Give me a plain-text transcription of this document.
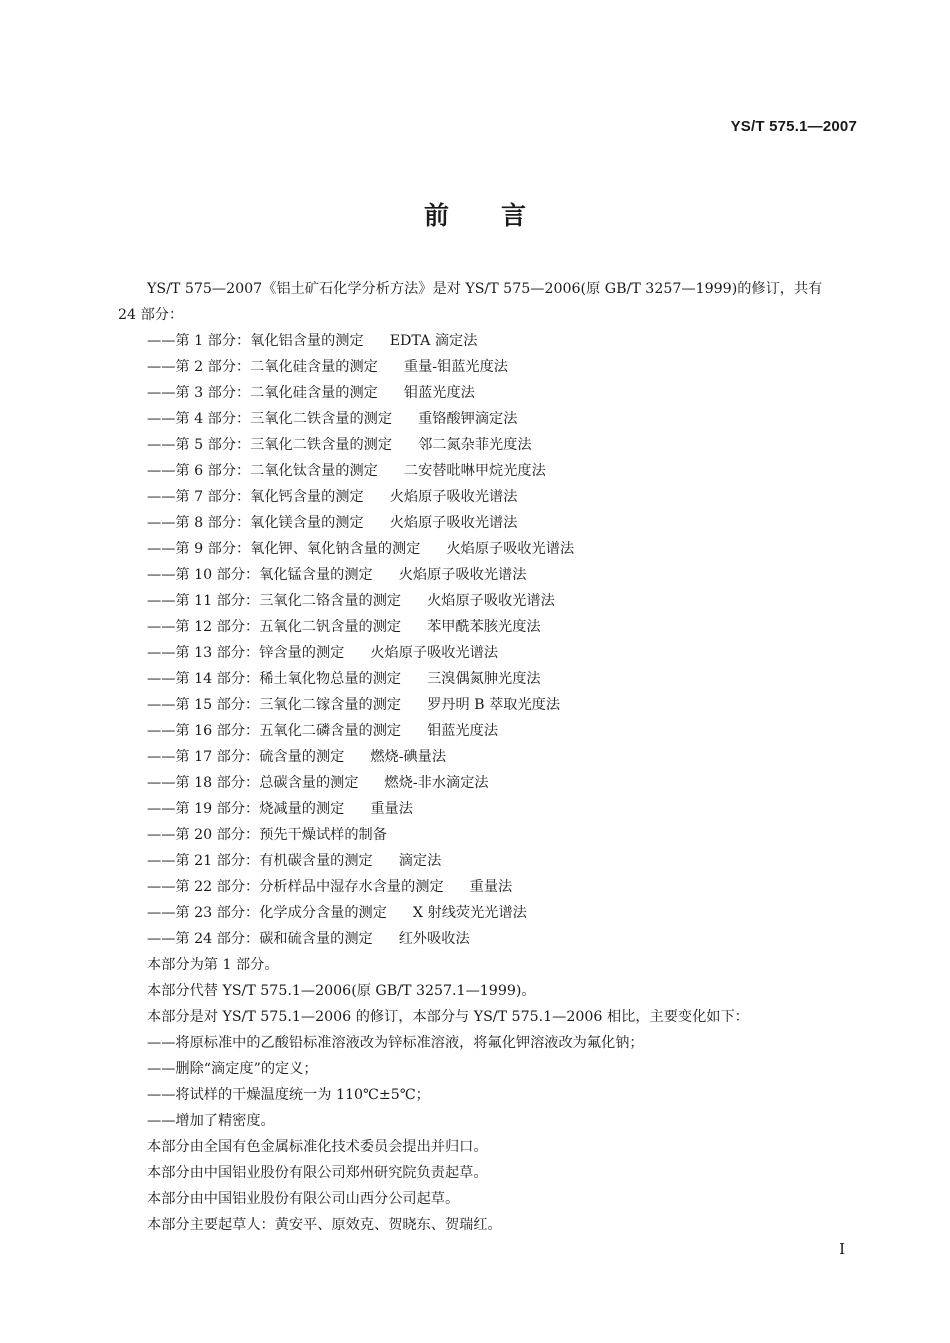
YS/T 575.1—2007
前言
YS/T 575—2007《铝土矿石化学分析方法》是对 YS/T 575—2006(原 GB/T 3257—1999)的修订，共有 24 部分：
——第 1 部分：氧化铝含量的测定 EDTA 滴定法
——第 2 部分：二氧化硅含量的测定 重量-钼蓝光度法
——第 3 部分：二氧化硅含量的测定 钼蓝光度法
——第 4 部分：三氧化二铁含量的测定 重铬酸钾滴定法
——第 5 部分：三氧化二铁含量的测定 邻二氮杂菲光度法
——第 6 部分：二氧化钛含量的测定 二安替吡啉甲烷光度法
——第 7 部分：氧化钙含量的测定 火焰原子吸收光谱法
——第 8 部分：氧化镁含量的测定 火焰原子吸收光谱法
——第 9 部分：氧化钾、氧化钠含量的测定 火焰原子吸收光谱法
——第 10 部分：氧化锰含量的测定 火焰原子吸收光谱法
——第 11 部分：三氧化二铬含量的测定 火焰原子吸收光谱法
——第 12 部分：五氧化二钒含量的测定 苯甲酰苯胲光度法
——第 13 部分：锌含量的测定 火焰原子吸收光谱法
——第 14 部分：稀土氧化物总量的测定 三溴偶氮胂光度法
——第 15 部分：三氧化二镓含量的测定 罗丹明 B 萃取光度法
——第 16 部分：五氧化二磷含量的测定 钼蓝光度法
——第 17 部分：硫含量的测定 燃烧-碘量法
——第 18 部分：总碳含量的测定 燃烧-非水滴定法
——第 19 部分：烧减量的测定 重量法
——第 20 部分：预先干燥试样的制备
——第 21 部分：有机碳含量的测定 滴定法
——第 22 部分：分析样品中湿存水含量的测定 重量法
——第 23 部分：化学成分含量的测定 X 射线荧光光谱法
——第 24 部分：碳和硫含量的测定 红外吸收法
本部分为第 1 部分。
本部分代替 YS/T 575.1—2006(原 GB/T 3257.1—1999)。
本部分是对 YS/T 575.1—2006 的修订，本部分与 YS/T 575.1—2006 相比，主要变化如下：
——将原标准中的乙酸铅标准溶液改为锌标准溶液，将氟化钾溶液改为氟化钠；
——删除“滴定度”的定义；
——将试样的干燥温度统一为 110℃±5℃；
——增加了精密度。
本部分由全国有色金属标准化技术委员会提出并归口。
本部分由中国铝业股份有限公司郑州研究院负责起草。
本部分由中国铝业股份有限公司山西分公司起草。
本部分主要起草人：黄安平、原效克、贺晓东、贺瑞红。
I
